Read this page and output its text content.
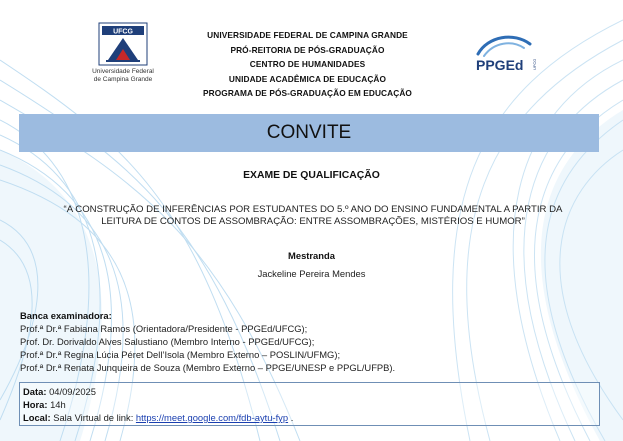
UFCG
Universidade Federal
de Campina Grande
UNIVERSIDADE FEDERAL DE CAMPINA GRANDE
PRÓ-REITORIA DE PÓS-GRADUAÇÃO
CENTRO DE HUMANIDADES
UNIDADE ACADÊMICA DE EDUCAÇÃO
PROGRAMA DE PÓS-GRADUAÇÃO EM EDUCAÇÃO
PPGEd UFCG
CONVITE
EXAME DE QUALIFICAÇÃO
“A CONSTRUÇÃO DE INFERÊNCIAS POR ESTUDANTES DO 5.º ANO DO ENSINO FUNDAMENTAL A PARTIR DA
LEITURA DE CONTOS DE ASSOMBRAÇÃO: ENTRE ASSOMBRAÇÕES, MISTÉRIOS E HUMOR”
Mestranda
Jackeline Pereira Mendes
Banca examinadora:
Prof.ª Dr.ª Fabiana Ramos (Orientadora/Presidente - PPGEd/UFCG);
Prof. Dr. Dorivaldo Alves Salustiano (Membro Interno - PPGEd/UFCG);
Prof.ª Dr.ª Regina Lúcia Péret Dell’Isola (Membro Externo – POSLIN/UFMG);
Prof.ª Dr.ª Renata Junqueira de Souza (Membro Externo – PPGE/UNESP e PPGL/UFPB).
Data: 04/09/2025
Hora: 14h
Local: Sala Virtual de link: https://meet.google.com/fdb-aytu-fyp .
